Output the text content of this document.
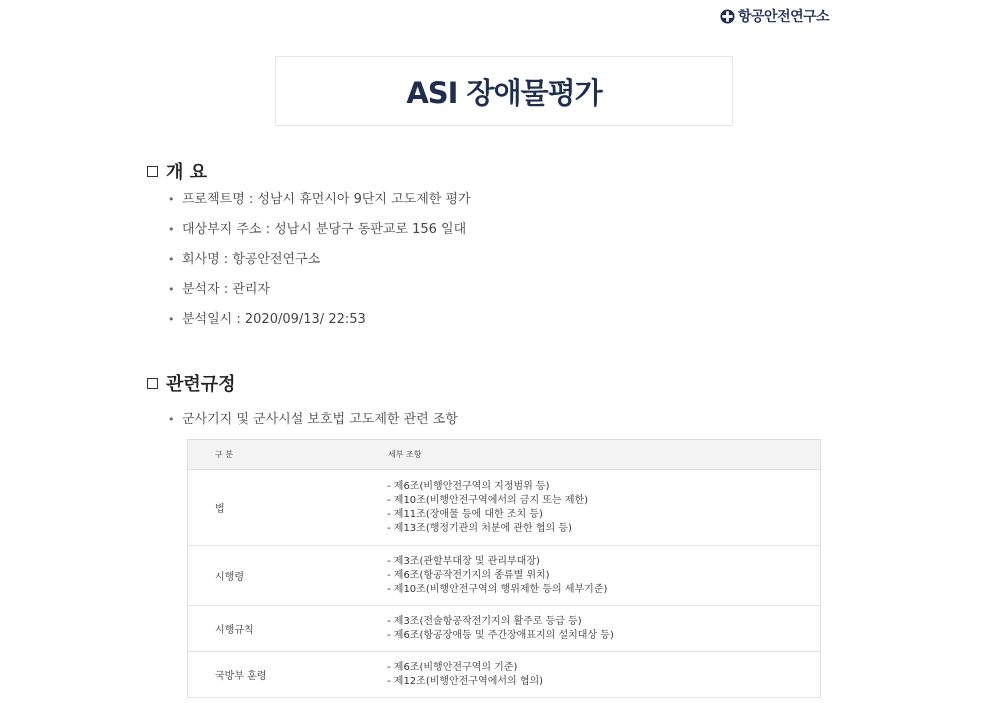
항공안전연구소
ASI 장애물평가
개 요
• 프로젝트명 : 성남시 휴먼시아 9단지 고도제한 평가
• 대상부지 주소 : 성남시 분당구 동판교로 156 일대
• 회사명 : 항공안전연구소
• 분석자 : 관리자
• 분석일시 : 2020/09/13/ 22:53
관련규정
• 군사기지 및 군사시설 보호법 고도제한 관련 조항
구 분	세부 조항
법	- 제6조(비행안전구역의 지정범위 등)
- 제10조(비행안전구역에서의 금지 또는 제한)
- 제11조(장애물 등에 대한 조치 등)
- 제13조(행정기관의 처분에 관한 협의 등)

시행령	- 제3조(관할부대장 및 관리부대장)
- 제6조(항공작전기지의 종류별 위치)
- 제10조(비행안전구역의 행위제한 등의 세부기준)

시행규칙	- 제3조(전술항공작전기지의 활주로 등급 등)
- 제6조(항공장애등 및 주간장애표지의 설치대상 등)

국방부 훈령	- 제6조(비행안전구역의 기준)
- 제12조(비행안전구역에서의 협의)
